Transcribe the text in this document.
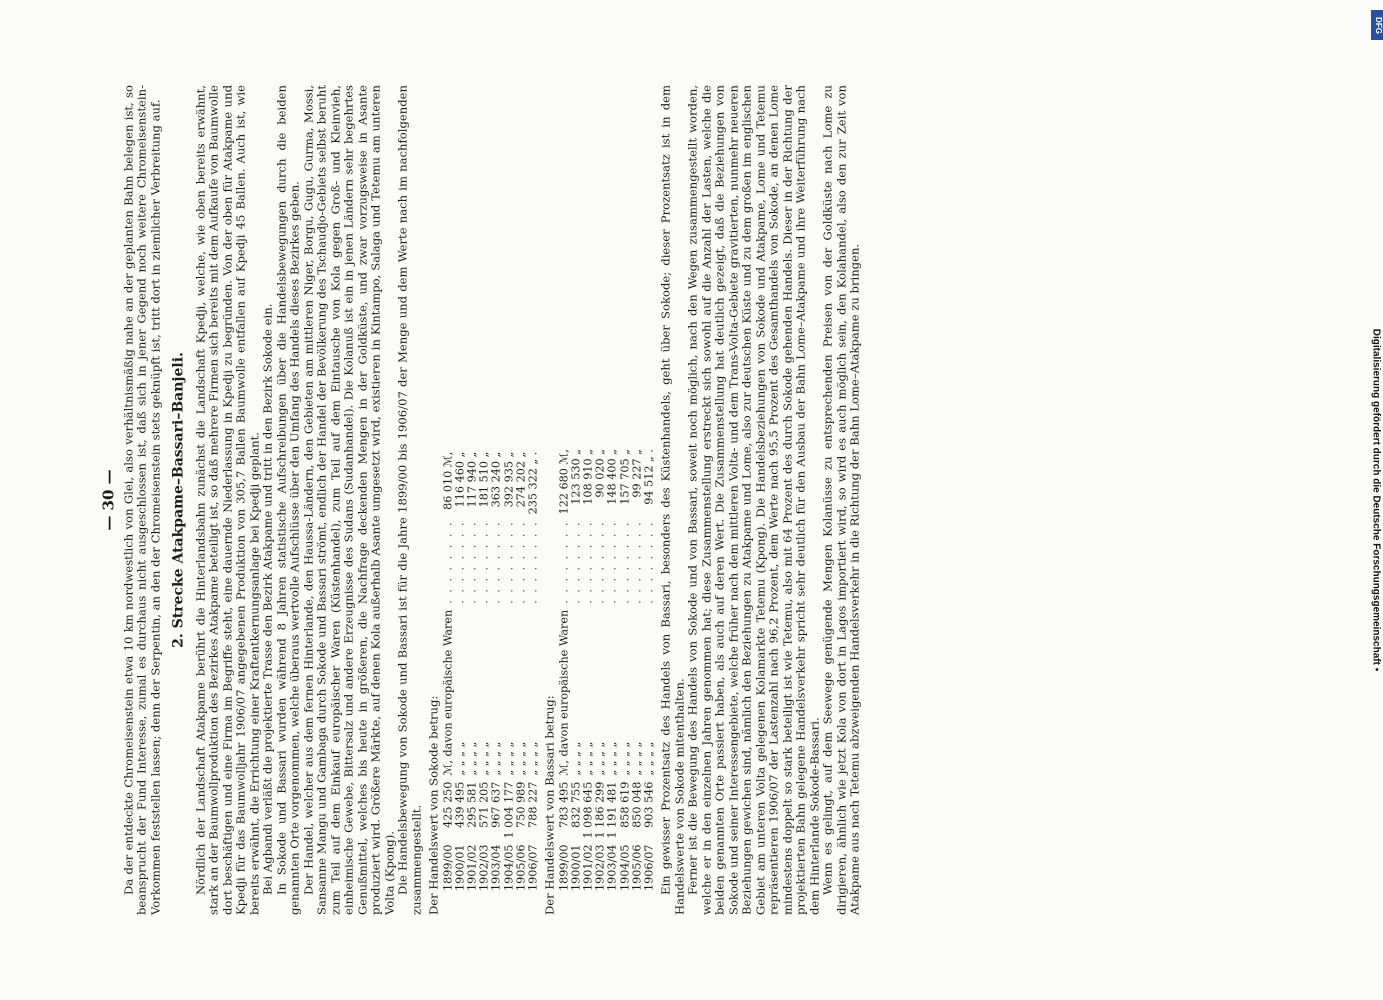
— 30 — Da der entdeckte Chromeisenstein etwa 10 km nordwestlich von Glei, also verhältnismäßig nahe an der geplanten Bahn belegen ist, so beansprucht der Fund Interesse, zumal es durchaus nicht ausgeschlossen ist, daß sich in jener Gegend noch weitere Chromeisenstein-Vorkommen feststellen lassen; denn der Serpentin, an den der Chromeisenstein stets geknüpft ist, tritt dort in ziemlicher Verbreitung auf. 2. Strecke Atakpame–Bassari–Banjeli. Nördlich der Landschaft Atakpame berührt die Hinterlandsbahn zunächst die Landschaft Kpedji, welche, wie oben bereits erwähnt, stark an der Baumwollproduktion des Bezirkes Atakpame beteiligt ist, so daß mehrere Firmen sich bereits mit dem Aufkaufe von Baumwolle dort beschäftigen und eine Firma im Begriffe steht, eine dauernde Niederlassung in Kpedji zu begründen. Von der oben für Atakpame und Kpedji für das Baumwolljahr 1906/07 angegebenen Produktion von 305,7 Ballen Baumwolle entfallen auf Kpedji 45 Ballen. Auch ist, wie bereits erwähnt, die Errichtung einer Kraftentkernungsanlage bei Kpedji geplant. Bei Agbandi verläßt die projektierte Trasse den Bezirk Atakpame und tritt in den Bezirk Sokode ein. In Sokode und Bassari wurden während 8 Jahren statistische Aufschreibungen über die Handelsbewegungen durch die beiden genannten Orte vorgenommen, welche überaus wertvolle Aufschlüsse über den Umfang des Handels dieses Bezirkes geben. Der Handel, welcher aus dem fernen Hinterlande, den Haussa-Ländern, den Gebieten am mittleren Niger, Borgu, Gugu, Gurma, Mossi, Sansanne Mangu und Gambaga durch Sokode und Bassari strömt, endlich der Handel der Bevölkerung des Tschaudjo-Gebiets selbst beruht zum Teil auf dem Einkauf europäischer Waren (Küstenhandel), zum Teil auf dem Eintausche von Kola gegen Groß- und Kleinvieh, einheimische Gewebe, Bittersalz und andere Erzeugnisse des Sudans (Sudanhandel). Die Kolanuß ist ein in jenen Ländern sehr begehrtes Genußmittel, welches bis heute in größeren, die Nachfrage deckenden Mengen in der Goldküste, und zwar vorzugsweise in Asante produziert wird. Größere Märkte, auf denen Kola außerhalb Asante umgesetzt wird, existieren in Kintampo, Salaga und Tetemu am unteren Volta (Kpong). Die Handelsbewegung von Sokode und Bassari ist für die Jahre 1899/00 bis 1906/07 der Menge und dem Werte nach im nachfolgenden zusammengestellt. Der Handelswert von Sokode betrug: 1899/00	425 250	ℳ, davon europäische Waren	. . . . . . . .	86 010 ℳ,
1900/01	439 495	„ „ „ „	. . . . . . . .	116 460 „
1901/02	295 581	„ „ „ „	. . . . . . . .	117 940 „
1902/03	571 205	„ „ „ „	. . . . . . . .	181 510 „
1903/04	967 637	„ „ „ „	. . . . . . . .	363 240 „
1904/05	1 004 177	„ „ „ „	. . . . . . . .	392 935 „
1905/06	750 989	„ „ „ „	. . . . . . . .	274 202 „
1906/07	788 227	„ „ „ „	. . . . . . . .	235 322 „ .
Der Handelswert von Bassari betrug: 1899/00	783 495	ℳ, davon europäische Waren	. . . . . . . .	122 680 ℳ,
1900/01	832 755	„ „ „ „	. . . . . . . .	123 530 „
1901/02	1 098 645	„ „ „ „	. . . . . . . .	108 910 „
1902/03	1 186 299	„ „ „ „	. . . . . . . .	90 020 „
1903/04	1 191 481	„ „ „ „	. . . . . . . .	148 400 „
1904/05	858 619	„ „ „ „	. . . . . . . .	157 705 „
1905/06	850 048	„ „ „ „	. . . . . . . .	99 227 „
1906/07	903 546	„ „ „ „	. . . . . . . .	94 512 „ . Ein gewisser Prozentsatz des Handels von Bassari, besonders des Küstenhandels, geht über Sokode; dieser Prozentsatz ist in dem Handelswerte von Sokode mitenthalten. Ferner ist die Bewegung des Handels von Sokode und von Bassari, soweit noch möglich, nach den Wegen zusammengestellt worden, welche er in den einzelnen Jahren genommen hat; diese Zusammenstellung erstreckt sich sowohl auf die Anzahl der Lasten, welche die beiden genannten Orte passiert haben, als auch auf deren Wert. Die Zusammenstellung hat deutlich gezeigt, daß die Beziehungen von Sokode und seiner Interessengebiete, welche früher nach dem mittleren Volta- und dem Trans-Volta-Gebiete gravitierten, nunmehr neueren Beziehungen gewichen sind, nämlich den Beziehungen zu Atakpame und Lome, also zur deutschen Küste und zu dem großen im englischen Gebiet am unteren Volta gelegenen Kolamarkte Tetemu (Kpong). Die Handelsbeziehungen von Sokode und Atakpame, Lome und Tetemu repräsentieren 1906/07 der Lastenzahl nach 96,2 Prozent, dem Werte nach 95,5 Prozent des Gesamthandels von Sokode, an denen Lome mindestens doppelt so stark beteiligt ist wie Tetemu, also mit 64 Prozent des durch Sokode gehenden Handels. Dieser in der Richtung der projektierten Bahn gelegene Handelsverkehr spricht sehr deutlich für den Ausbau der Bahn Lome–Atakpame und ihre Weiterführung nach dem Hinterlande Sokode-Bassari. Wenn es gelingt, auf dem Seewege genügende Mengen Kolanüsse zu entsprechenden Preisen von der Goldküste nach Lome zu dirigieren, ähnlich wie jetzt Kola von dort in Lagos importiert wird, so wird es auch möglich sein, den Kolahandel, also den zur Zeit von Atakpame aus nach Tetemu abzweigenden Handelsverkehr in die Richtung der Bahn Lome–Atakpame zu bringen.	Digitalisierung gefördert durch die Deutsche Forschungsgemeinschaft •
DFG
